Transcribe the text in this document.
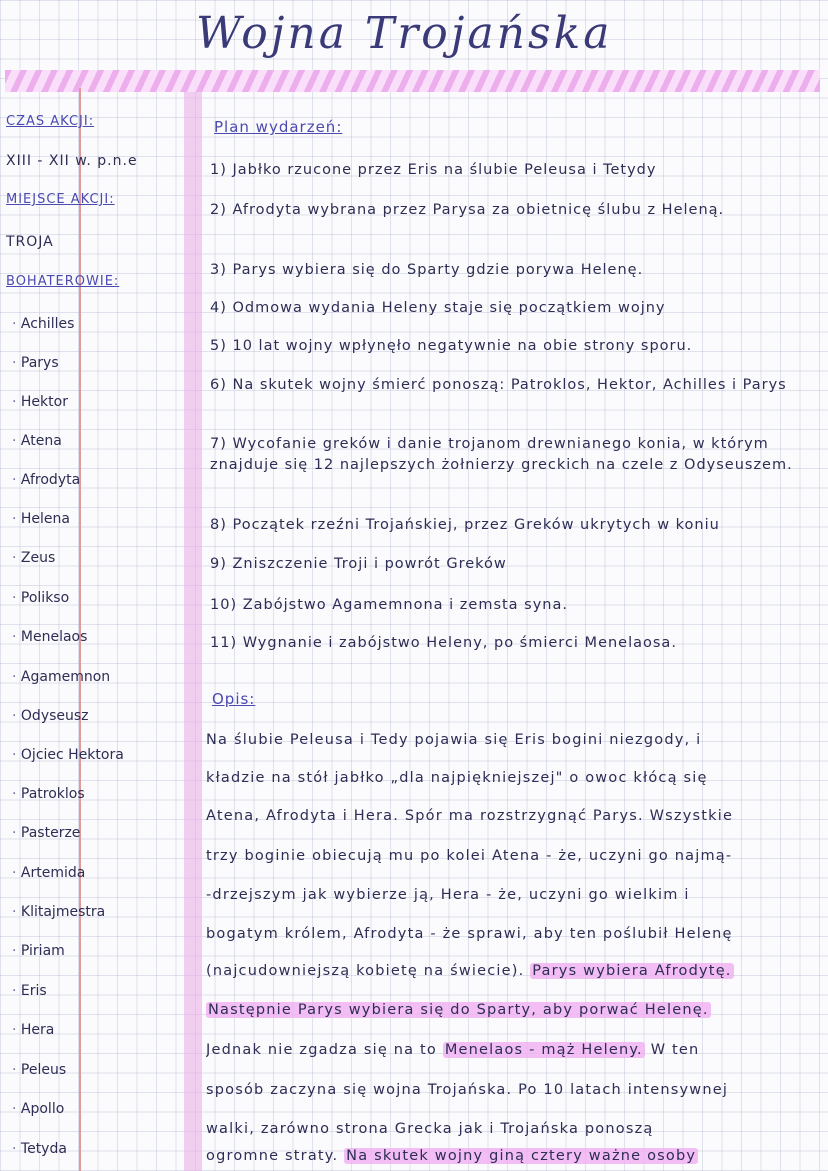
Wojna Trojańska
CZAS AKCJI:
XIII - XII w. p.n.e
MIEJSCE AKCJI:
TROJA
BOHATEROWIE:
· Achilles
· Parys
· Hektor
· Atena
· Afrodyta
· Helena
· Zeus
· Polikso
· Menelaos
· Agamemnon
· Odyseusz
· Ojciec Hektora
· Patroklos
· Pasterze
· Artemida
· Klitajmestra
· Piriam
· Eris
· Hera
· Peleus
· Apollo
· Tetyda
Plan wydarzeń:
1) Jabłko rzucone przez Eris na ślubie Peleusa i Tetydy
2) Afrodyta wybrana przez Parysa za obietnicę ślubu z Heleną.
3) Parys wybiera się do Sparty gdzie porywa Helenę.
4) Odmowa wydania Heleny staje się początkiem wojny
5) 10 lat wojny wpłynęło negatywnie na obie strony sporu.
6) Na skutek wojny śmierć ponoszą: Patroklos, Hektor, Achilles i Parys
7) Wycofanie greków i danie trojanom drewnianego konia, w którym znajduje się 12 najlepszych żołnierzy greckich na czele z Odyseuszem.
8) Początek rzeźni Trojańskiej, przez Greków ukrytych w koniu
9) Zniszczenie Troji i powrót Greków
10) Zabójstwo Agamemnona i zemsta syna.
11) Wygnanie i zabójstwo Heleny, po śmierci Menelaosa.
Opis:
Na ślubie Peleusa i Tedy pojawia się Eris bogini niezgody, i
kładzie na stół jabłko „dla najpiękniejszej" o owoc kłócą się
Atena, Afrodyta i Hera. Spór ma rozstrzygnąć Parys. Wszystkie
trzy boginie obiecują mu po kolei Atena - że, uczyni go najmą-
-drzejszym jak wybierze ją, Hera - że, uczyni go wielkim i
bogatym królem, Afrodyta - że sprawi, aby ten poślubił Helenę
(najcudowniejszą kobietę na świecie). Parys wybiera Afrodytę.
Następnie Parys wybiera się do Sparty, aby porwać Helenę.
Jednak nie zgadza się na to Menelaos - mąż Heleny. W ten
sposób zaczyna się wojna Trojańska. Po 10 latach intensywnej
walki, zarówno strona Grecka jak i Trojańska ponoszą
ogromne straty. Na skutek wojny giną cztery ważne osoby
